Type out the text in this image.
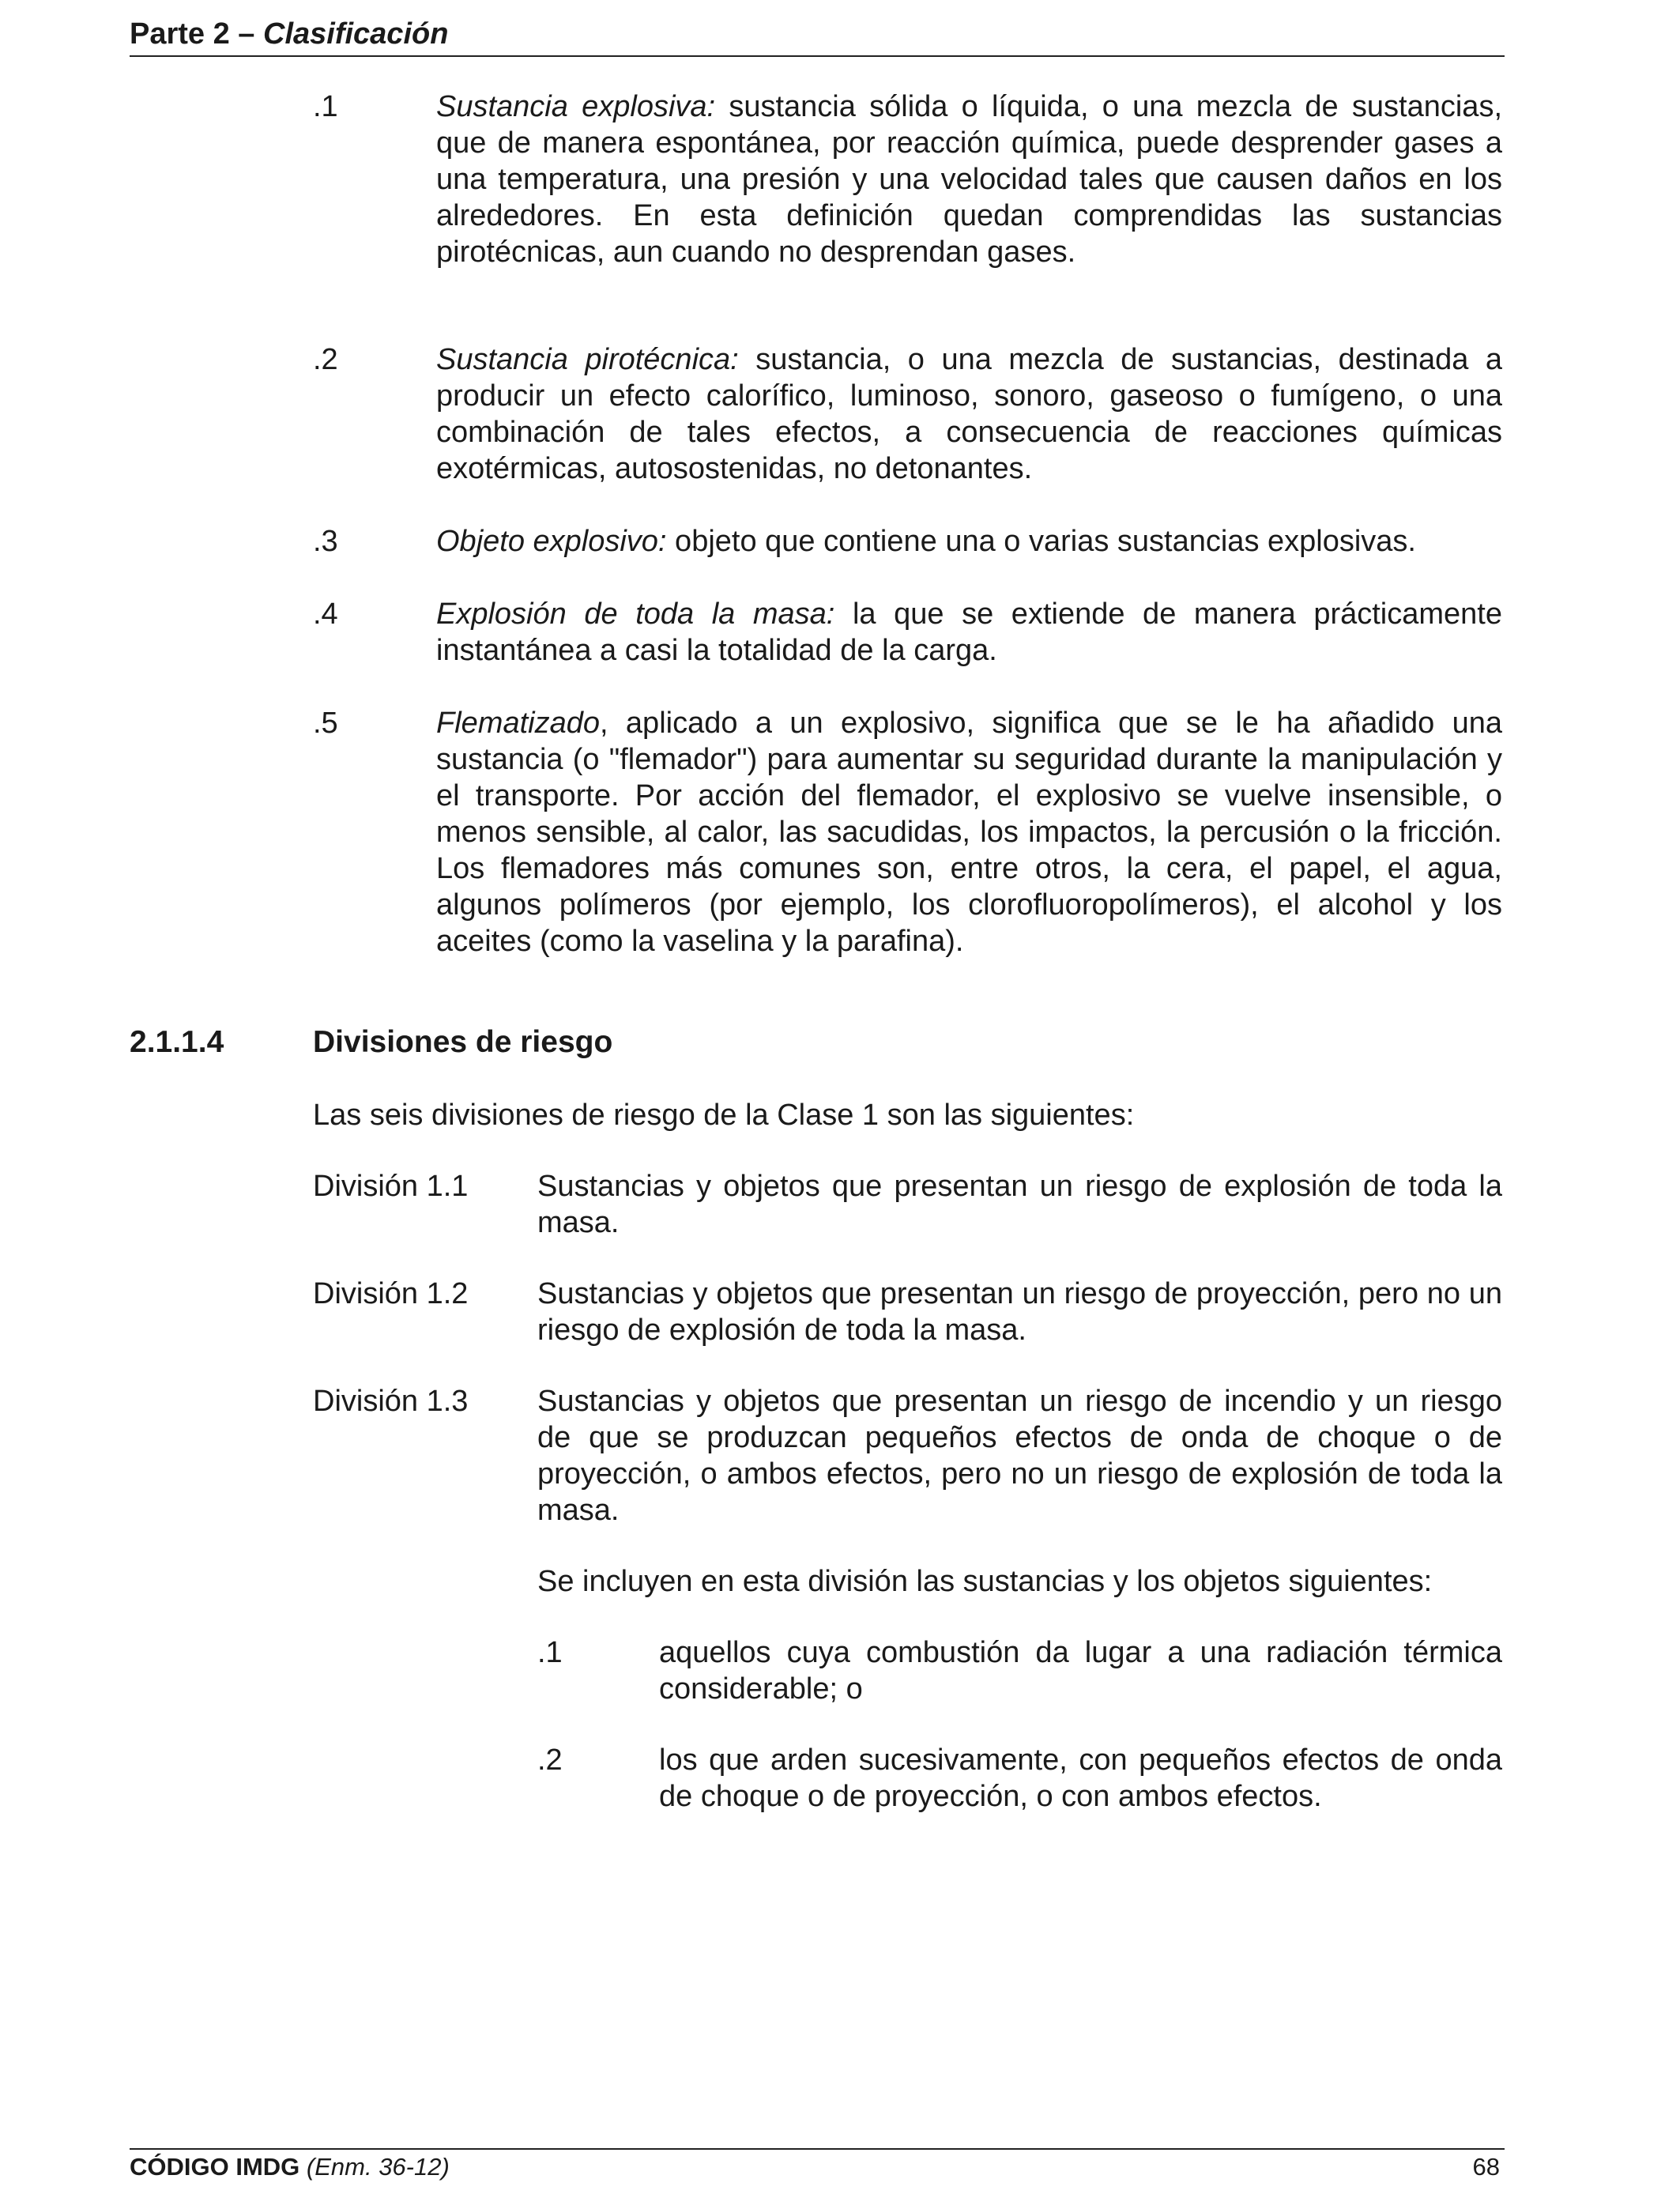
Parte 2 – Clasificación
.1	Sustancia explosiva: sustancia sólida o líquida, o una mezcla de sustancias, que de manera espontánea, por reacción química, puede desprender gases a una temperatura, una presión y una velocidad tales que causen daños en los alrededores. En esta definición quedan comprendidas las sustancias pirotécnicas, aun cuando no desprendan gases.
.2	Sustancia pirotécnica: sustancia, o una mezcla de sustancias, destinada a producir un efecto calorífico, luminoso, sonoro, gaseoso o fumígeno, o una combinación de tales efectos, a consecuencia de reacciones químicas exotérmicas, autosostenidas, no detonantes.
.3	Objeto explosivo: objeto que contiene una o varias sustancias explosivas.
.4	Explosión de toda la masa: la que se extiende de manera prácticamente instantánea a casi la totalidad de la carga.
.5	Flematizado, aplicado a un explosivo, significa que se le ha añadido una sustancia (o "flemador") para aumentar su seguridad durante la manipulación y el transporte. Por acción del flemador, el explosivo se vuelve insensible, o menos sensible, al calor, las sacudidas, los impactos, la percusión o la fricción. Los flemadores más comunes son, entre otros, la cera, el papel, el agua, algunos polímeros (por ejemplo, los clorofluoropolímeros), el alcohol y los aceites (como la vaselina y la parafina).
2.1.1.4	Divisiones de riesgo
Las seis divisiones de riesgo de la Clase 1 son las siguientes:
División 1.1 Sustancias y objetos que presentan un riesgo de explosión de toda la masa.
División 1.2 Sustancias y objetos que presentan un riesgo de proyección, pero no un riesgo de explosión de toda la masa.
División 1.3 Sustancias y objetos que presentan un riesgo de incendio y un riesgo de que se produzcan pequeños efectos de onda de choque o de proyección, o ambos efectos, pero no un riesgo de explosión de toda la masa.
Se incluyen en esta división las sustancias y los objetos siguientes:
.1	aquellos cuya combustión da lugar a una radiación térmica considerable; o
.2	los que arden sucesivamente, con pequeños efectos de onda de choque o de proyección, o con ambos efectos.
CÓDIGO IMDG (Enm. 36-12)	68
